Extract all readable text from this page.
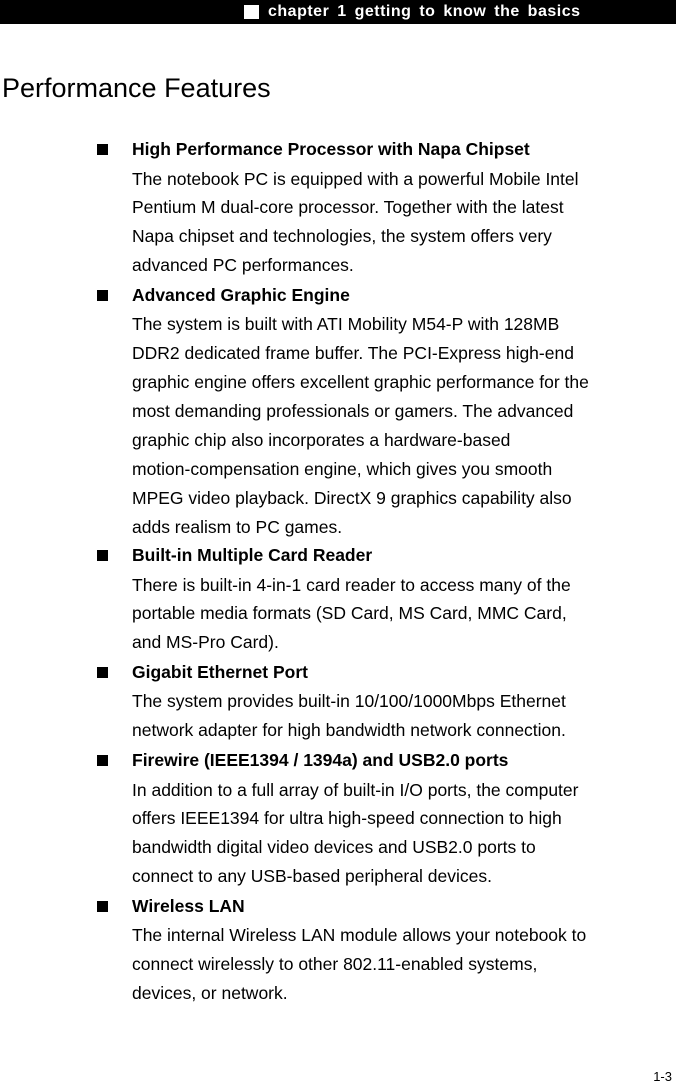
chapter 1 getting to know the basics
Performance Features
High Performance Processor with Napa Chipset
The notebook PC is equipped with a powerful Mobile Intel
Pentium M dual-core processor. Together with the latest
Napa chipset and technologies, the system offers very
advanced PC performances.
Advanced Graphic Engine
The system is built with ATI Mobility M54-P with 128MB
DDR2 dedicated frame buffer. The PCI-Express high-end
graphic engine offers excellent graphic performance for the
most demanding professionals or gamers. The advanced
graphic chip also incorporates a hardware-based
motion-compensation engine, which gives you smooth
MPEG video playback. DirectX 9 graphics capability also
adds realism to PC games.
Built-in Multiple Card Reader
There is built-in 4-in-1 card reader to access many of the
portable media formats (SD Card, MS Card, MMC Card,
and MS-Pro Card).
Gigabit Ethernet Port
The system provides built-in 10/100/1000Mbps Ethernet
network adapter for high bandwidth network connection.
Firewire (IEEE1394 / 1394a) and USB2.0 ports
In addition to a full array of built-in I/O ports, the computer
offers IEEE1394 for ultra high-speed connection to high
bandwidth digital video devices and USB2.0 ports to
connect to any USB-based peripheral devices.
Wireless LAN
The internal Wireless LAN module allows your notebook to
connect wirelessly to other 802.11-enabled systems,
devices, or network.
1-3
